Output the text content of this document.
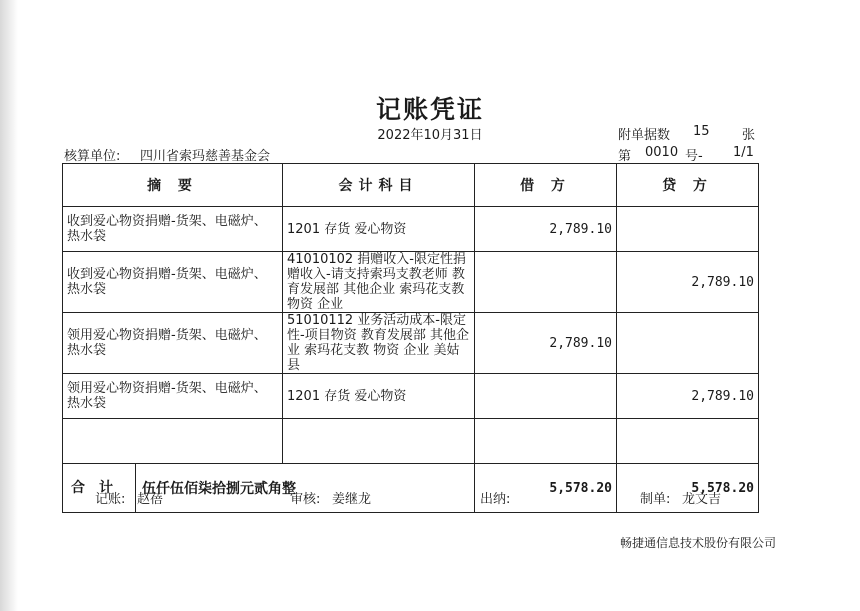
记账凭证
2022年10月31日	附单据数 15 张
核算单位: 四川省索玛慈善基金会	第 0010 号- 1/1
摘 要	会计科目	借 方	贷 方
收到爱心物资捐赠-货架、电磁炉、热水袋	1201 存货 爱心物资	2,789.10	
收到爱心物资捐赠-货架、电磁炉、热水袋	41010102 捐赠收入-限定性捐赠收入-请支持索玛支教老师 教育发展部 其他企业 索玛花支教 物资 企业		2,789.10
领用爱心物资捐赠-货架、电磁炉、热水袋	51010112 业务活动成本-限定性-项目物资 教育发展部 其他企业 索玛花支教 物资 企业 美姑县	2,789.10	
领用爱心物资捐赠-货架、电磁炉、热水袋	1201 存货 爱心物资		2,789.10

合计 伍仟伍佰柒拾捌元贰角整		5,578.20	5,578.20
记账: 赵蓓	审核: 姜继龙	出纳:	制单: 龙文吉
畅捷通信息技术股份有限公司
